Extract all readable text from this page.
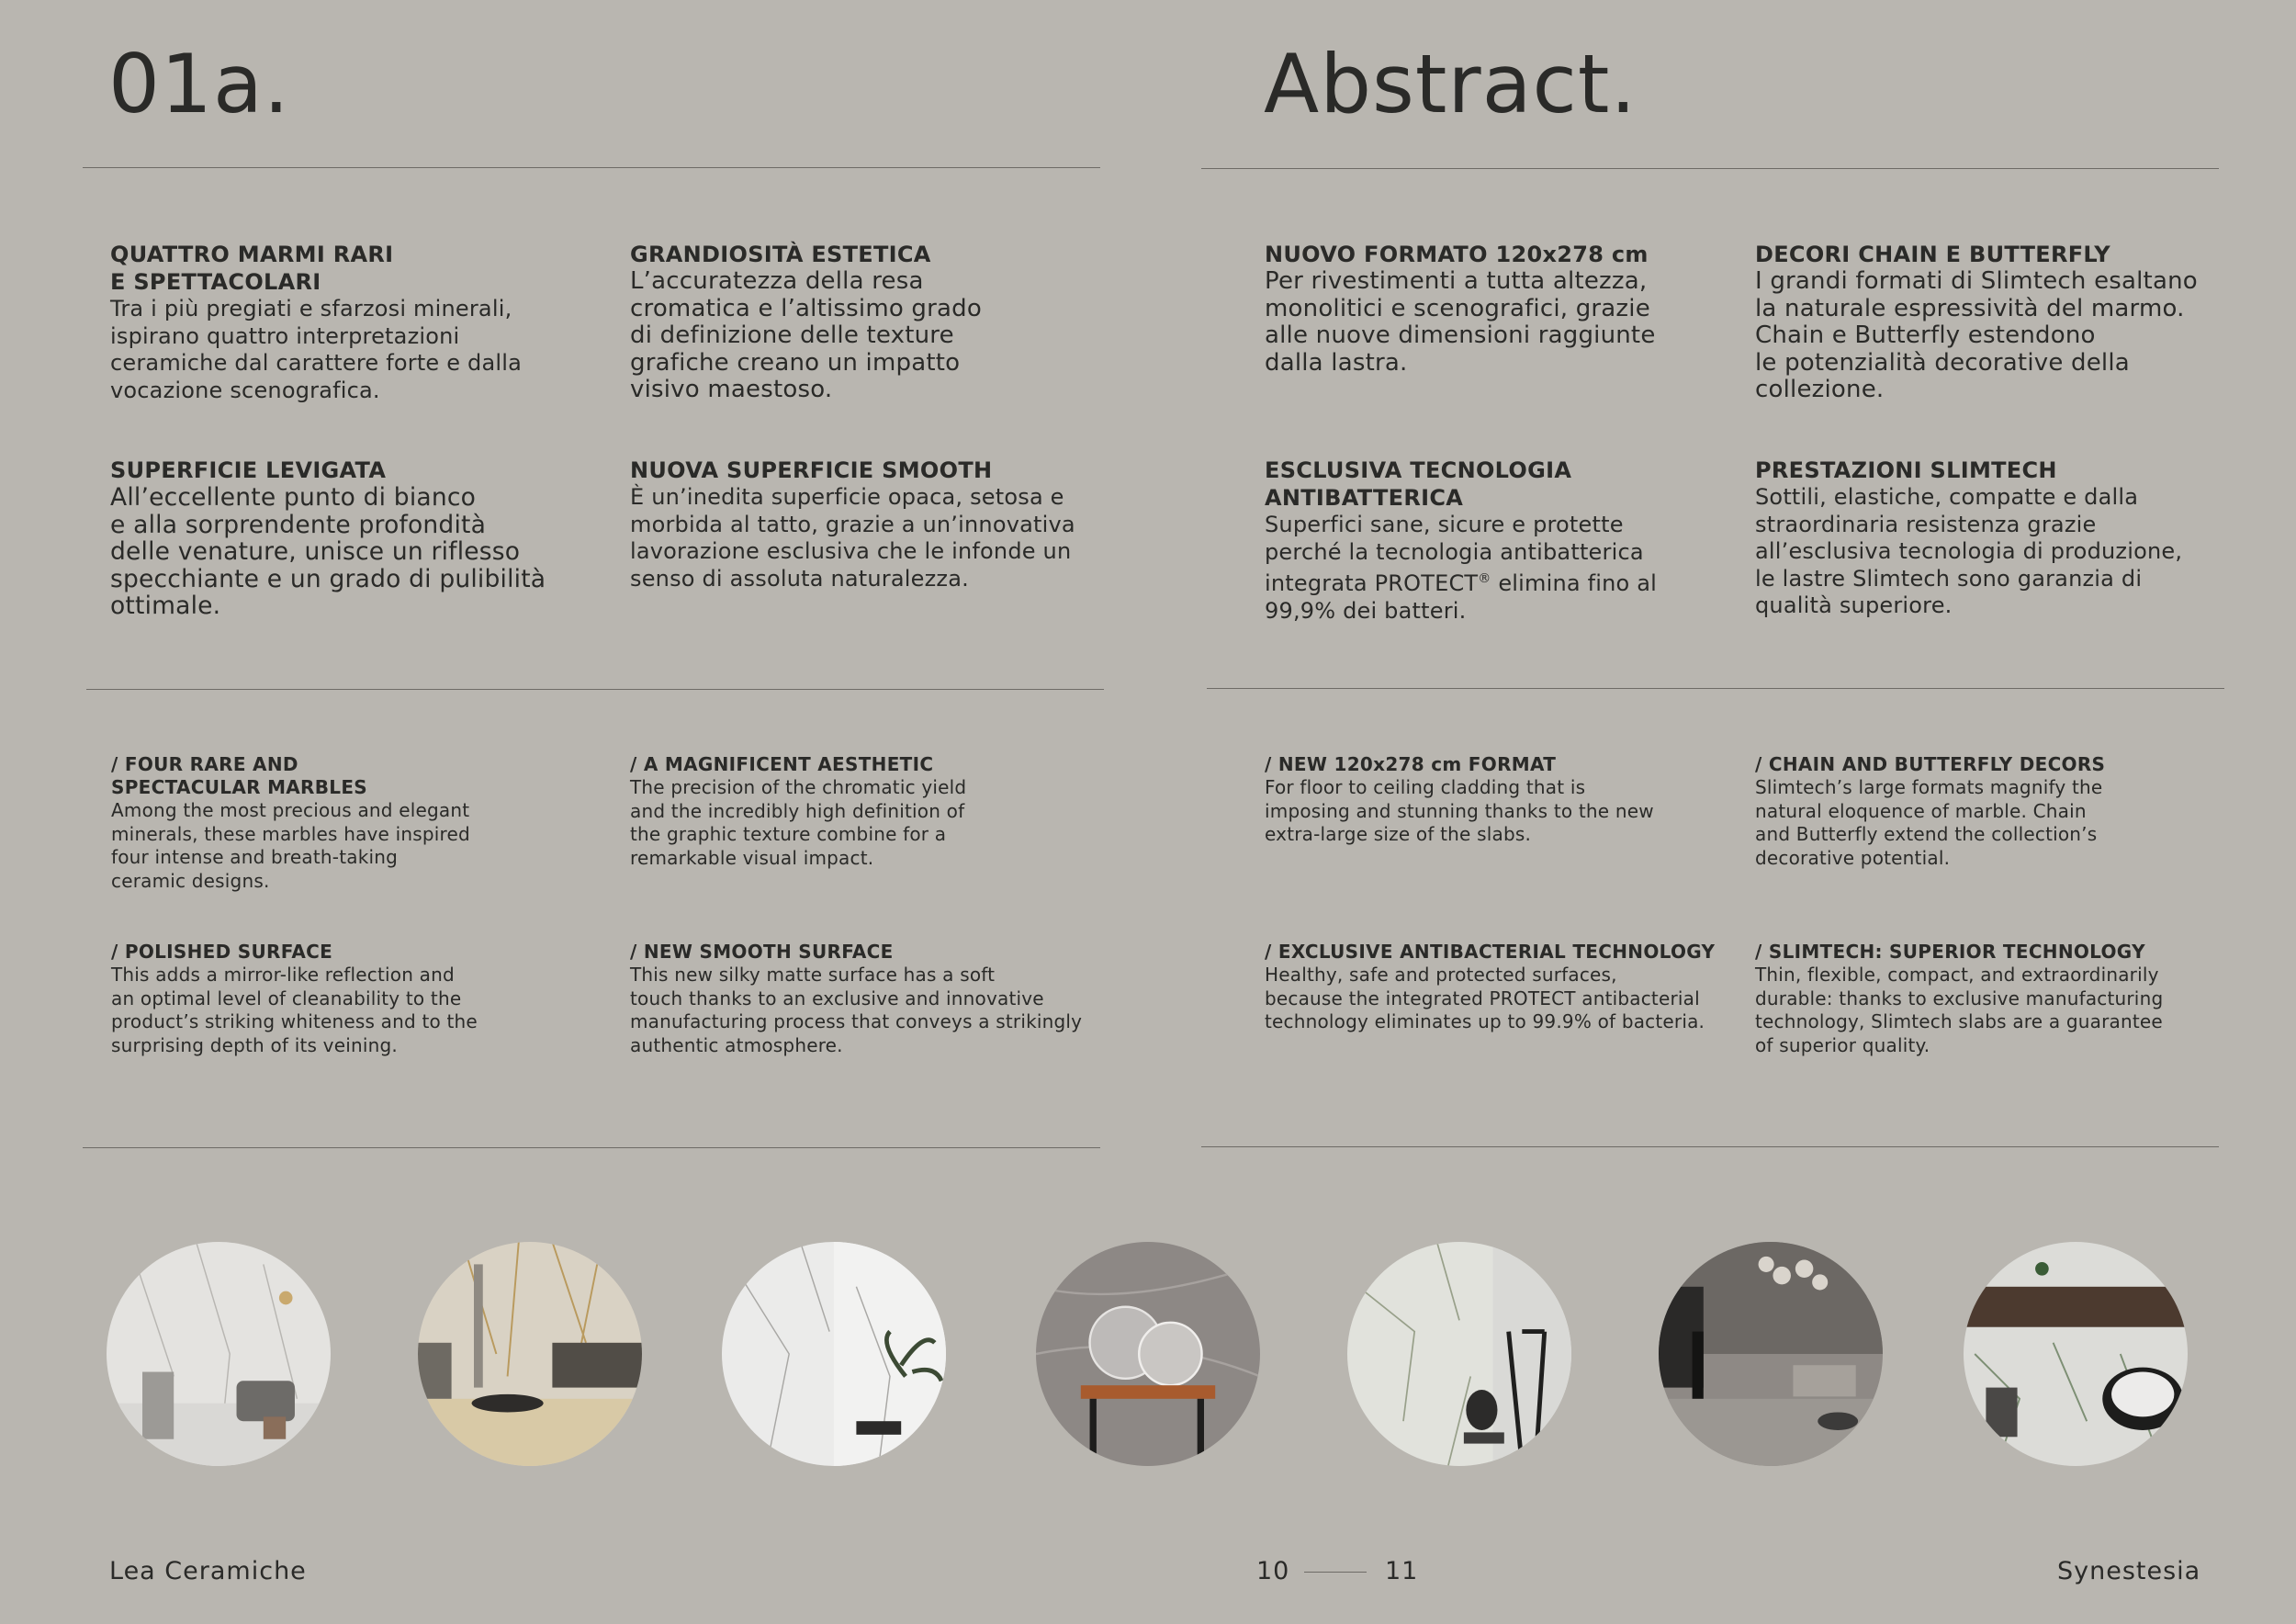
01a.	Abstract.
QUATTRO MARMI RARI
E SPETTACOLARI

Tra i più pregiati e sfarzosi minerali,
ispirano quattro interpretazioni
ceramiche dal carattere forte e dalla
vocazione scenografica.

GRANDIOSITÀ ESTETICA

L’accuratezza della resa
cromatica e l’altissimo grado
di definizione delle texture
grafiche creano un impatto
visivo maestoso.

NUOVO FORMATO 120x278 cm

Per rivestimenti a tutta altezza,
monolitici e scenografici, grazie
alle nuove dimensioni raggiunte
dalla lastra.

DECORI CHAIN E BUTTERFLY

I grandi formati di Slimtech esaltano
la naturale espressività del marmo.
Chain e Butterfly estendono
le potenzialità decorative della
collezione.

SUPERFICIE LEVIGATA

All’eccellente punto di bianco
e alla sorprendente profondità
delle venature, unisce un riflesso
specchiante e un grado di pulibilità
ottimale.

NUOVA SUPERFICIE SMOOTH

È un’inedita superficie opaca, setosa e
morbida al tatto, grazie a un’innovativa
lavorazione esclusiva che le infonde un
senso di assoluta naturalezza.

ESCLUSIVA TECNOLOGIA
ANTIBATTERICA

Superfici sane, sicure e protette
perché la tecnologia antibatterica
integrata PROTECT® elimina fino al
99,9% dei batteri.

PRESTAZIONI SLIMTECH

Sottili, elastiche, compatte e dalla
straordinaria resistenza grazie
all’esclusiva tecnologia di produzione,
le lastre Slimtech sono garanzia di
qualità superiore.

/ FOUR RARE AND
SPECTACULAR MARBLES

Among the most precious and elegant
minerals, these marbles have inspired
four intense and breath-taking
ceramic designs.

/ A MAGNIFICENT AESTHETIC

The precision of the chromatic yield
and the incredibly high definition of
the graphic texture combine for a
remarkable visual impact.

/ NEW 120x278 cm FORMAT

For floor to ceiling cladding that is
imposing and stunning thanks to the new
extra-large size of the slabs.

/ CHAIN AND BUTTERFLY DECORS

Slimtech’s large formats magnify the
natural eloquence of marble. Chain
and Butterfly extend the collection’s
decorative potential.

/ POLISHED SURFACE

This adds a mirror-like reflection and
an optimal level of cleanability to the
product’s striking whiteness and to the
surprising depth of its veining.

/ NEW SMOOTH SURFACE

This new silky matte surface has a soft
touch thanks to an exclusive and innovative
manufacturing process that conveys a strikingly
authentic atmosphere.

/ EXCLUSIVE ANTIBACTERIAL TECHNOLOGY

Healthy, safe and protected surfaces,
because the integrated PROTECT antibacterial
technology eliminates up to 99.9% of bacteria.

/ SLIMTECH: SUPERIOR TECHNOLOGY

Thin, flexible, compact, and extraordinarily
durable: thanks to exclusive manufacturing
technology, Slimtech slabs are a guarantee
of superior quality.

Lea Ceramiche	10	11	Synestesia
